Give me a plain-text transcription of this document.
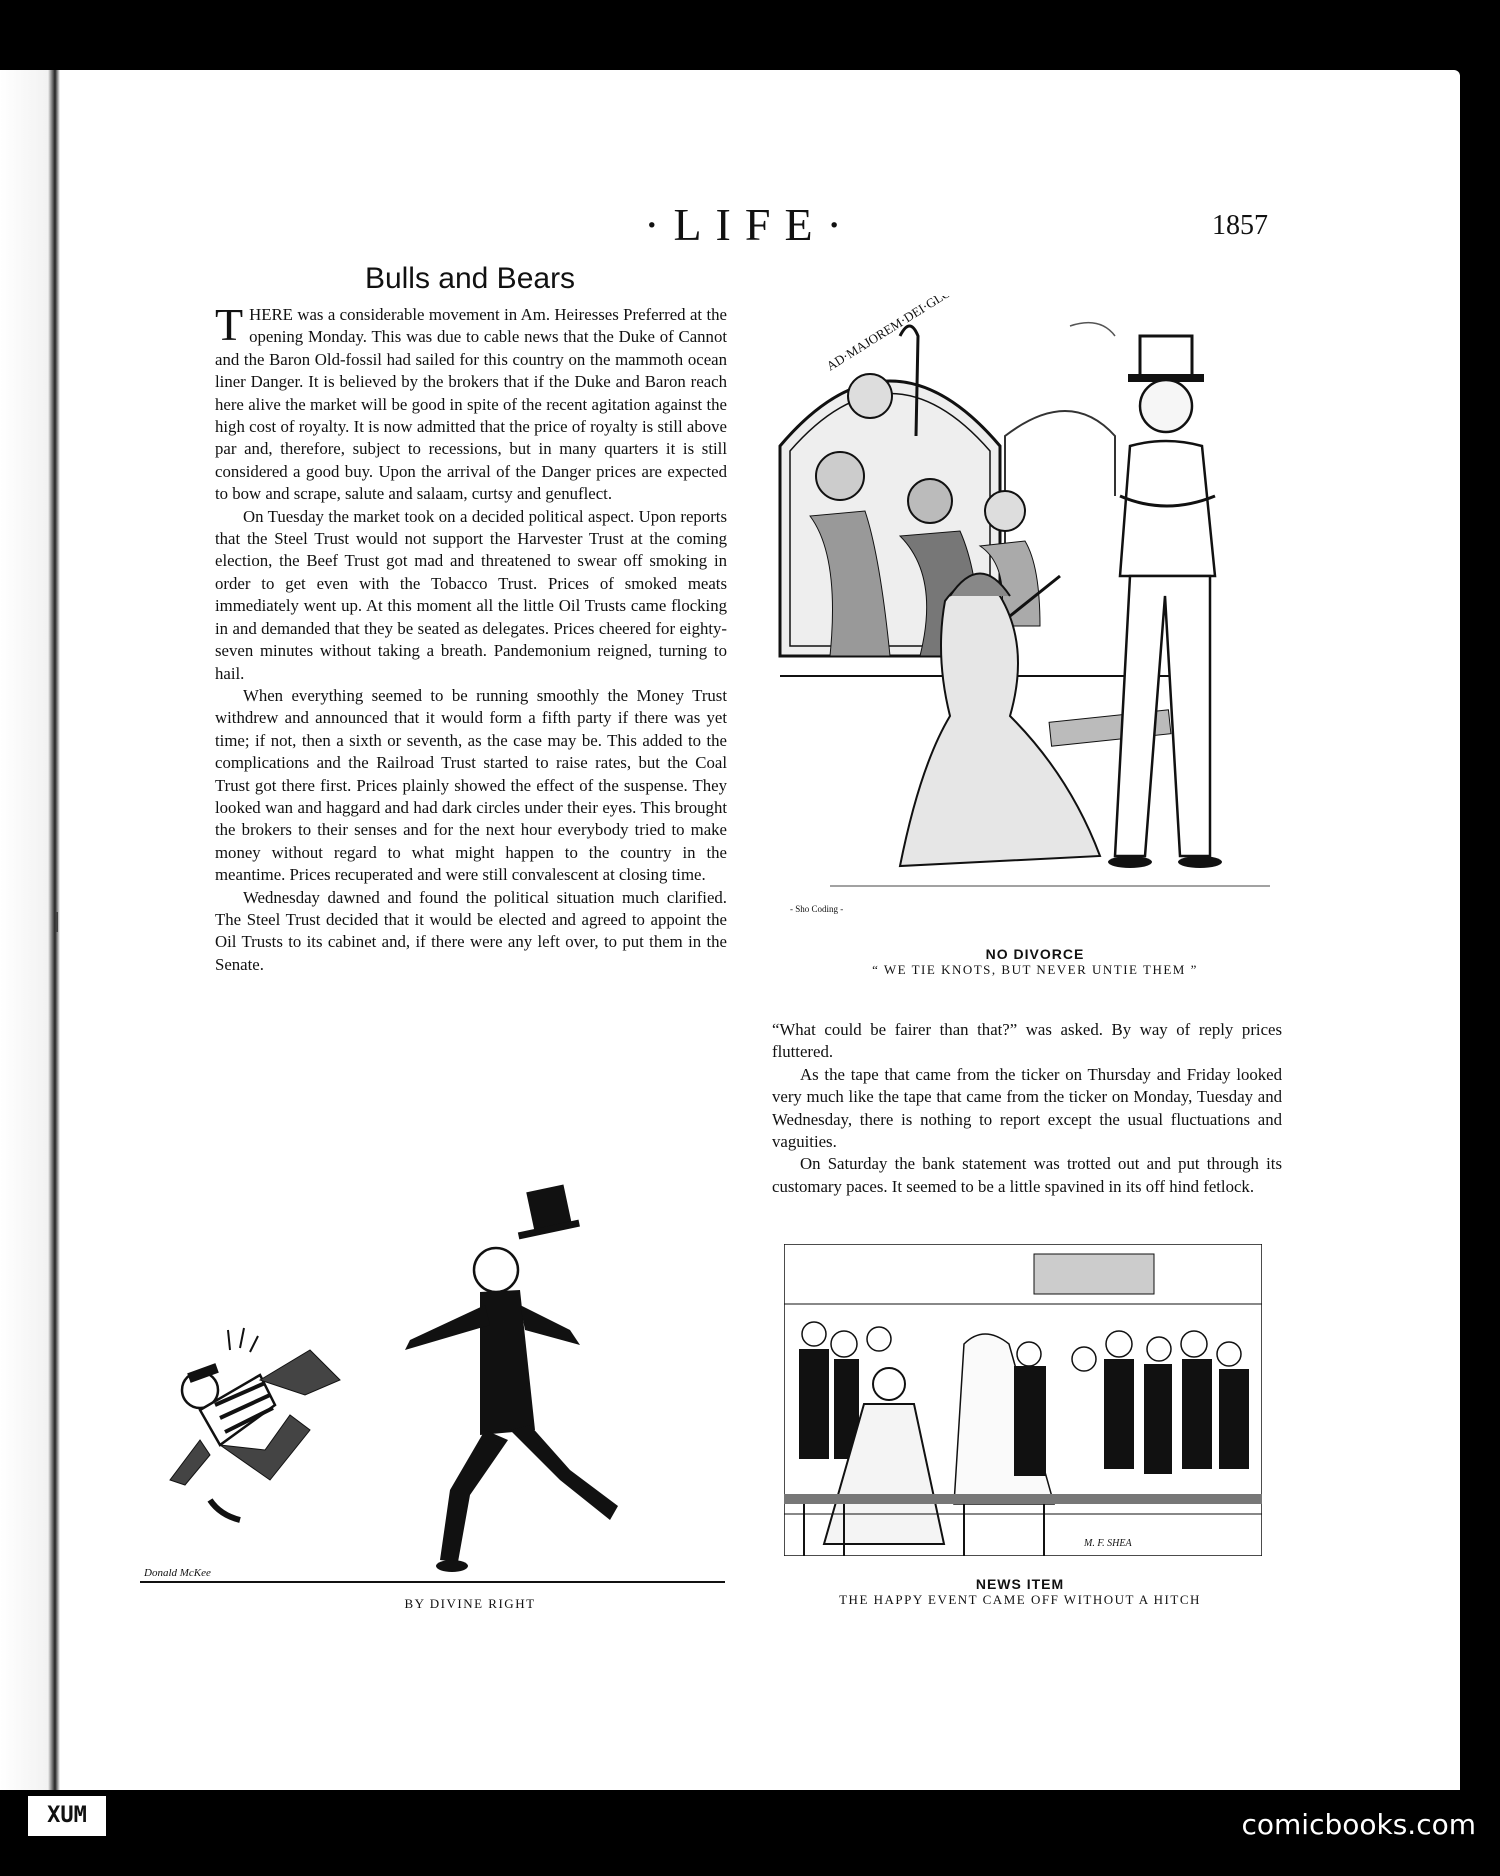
·LIFE·	1857
Bulls and Bears

THERE was a considerable movement in Am. Heiresses Preferred at the opening Monday. This was due to cable news that the Duke of Cannot and the Baron Old-fossil had sailed for this country on the mammoth ocean liner Danger. It is believed by the brokers that if the Duke and Baron reach here alive the market will be good in spite of the recent agitation against the high cost of royalty. It is now admitted that the price of royalty is still above par and, therefore, subject to recessions, but in many quarters it is still considered a good buy. Upon the arrival of the Danger prices are expected to bow and scrape, salute and salaam, curtsy and genuflect.

On Tuesday the market took on a decided political aspect. Upon reports that the Steel Trust would not support the Harvester Trust at the coming election, the Beef Trust got mad and threatened to swear off smoking in order to get even with the Tobacco Trust. Prices of smoked meats immediately went up. At this moment all the little Oil Trusts came flocking in and demanded that they be seated as delegates. Prices cheered for eighty-seven minutes without taking a breath. Pandemonium reigned, turning to hail.

When everything seemed to be running smoothly the Money Trust withdrew and announced that it would form a fifth party if there was yet time; if not, then a sixth or seventh, as the case may be. This added to the complications and the Railroad Trust started to raise rates, but the Coal Trust got there first. Prices plainly showed the effect of the suspense. They looked wan and haggard and had dark circles under their eyes. This brought the brokers to their senses and for the next hour everybody tried to make money without regard to what might happen to the country in the meantime. Prices recuperated and were still convalescent at closing time.

Wednesday dawned and found the political situation much clarified. The Steel Trust decided that it would be elected and agreed to appoint the Oil Trusts to its cabinet and, if there were any left over, to put them in the Senate.

“What could be fairer than that?” was asked. By way of reply prices fluttered.

As the tape that came from the ticker on Thursday and Friday looked very much like the tape that came from the ticker on Monday, Tuesday and Wednesday, there is nothing to report except the usual fluctuations and vaguities.

On Saturday the bank statement was trotted out and put through its customary paces. It seemed to be a little spavined in its off hind fetlock.

- Sho Coding -
NO DIVORCE
“ WE TIE KNOTS, BUT NEVER UNTIE THEM ”
Donald McKee
BY DIVINE RIGHT
M. F. SHEA
NEWS ITEM
THE HAPPY EVENT CAME OFF WITHOUT A HITCH
XUM	comicbooks.com
